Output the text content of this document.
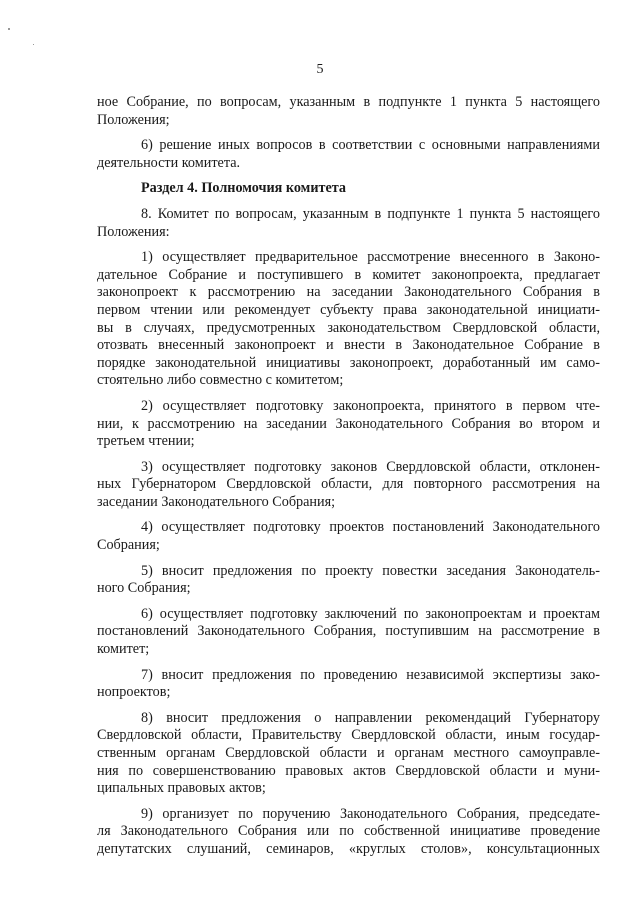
5
ное Собрание, по вопросам, указанным в подпункте 1 пункта 5 настоящего
Положения;
6) решение иных вопросов в соответствии с основными направлениями
деятельности комитета.
Раздел 4. Полномочия комитета
8. Комитет по вопросам, указанным в подпункте 1 пункта 5 настоящего
Положения:
1) осуществляет предварительное рассмотрение внесенного в Законо-
дательное Собрание и поступившего в комитет законопроекта, предлагает
законопроект к рассмотрению на заседании Законодательного Собрания в
первом чтении или рекомендует субъекту права законодательной инициати-
вы в случаях, предусмотренных законодательством Свердловской области,
отозвать внесенный законопроект и внести в Законодательное Собрание в
порядке законодательной инициативы законопроект, доработанный им само-
стоятельно либо совместно с комитетом;
2) осуществляет подготовку законопроекта, принятого в первом чте-
нии, к рассмотрению на заседании Законодательного Собрания во втором и
третьем чтении;
3) осуществляет подготовку законов Свердловской области, отклонен-
ных Губернатором Свердловской области, для повторного рассмотрения на
заседании Законодательного Собрания;
4) осуществляет подготовку проектов постановлений Законодательного
Собрания;
5) вносит предложения по проекту повестки заседания Законодатель-
ного Собрания;
6) осуществляет подготовку заключений по законопроектам и проектам
постановлений Законодательного Собрания, поступившим на рассмотрение в
комитет;
7) вносит предложения по проведению независимой экспертизы зако-
нопроектов;
8) вносит предложения о направлении рекомендаций Губернатору
Свердловской области, Правительству Свердловской области, иным государ-
ственным органам Свердловской области и органам местного самоуправле-
ния по совершенствованию правовых актов Свердловской области и муни-
ципальных правовых актов;
9) организует по поручению Законодательного Собрания, председате-
ля Законодательного Собрания или по собственной инициативе проведение
депутатских слушаний, семинаров, «круглых столов», консультационных
